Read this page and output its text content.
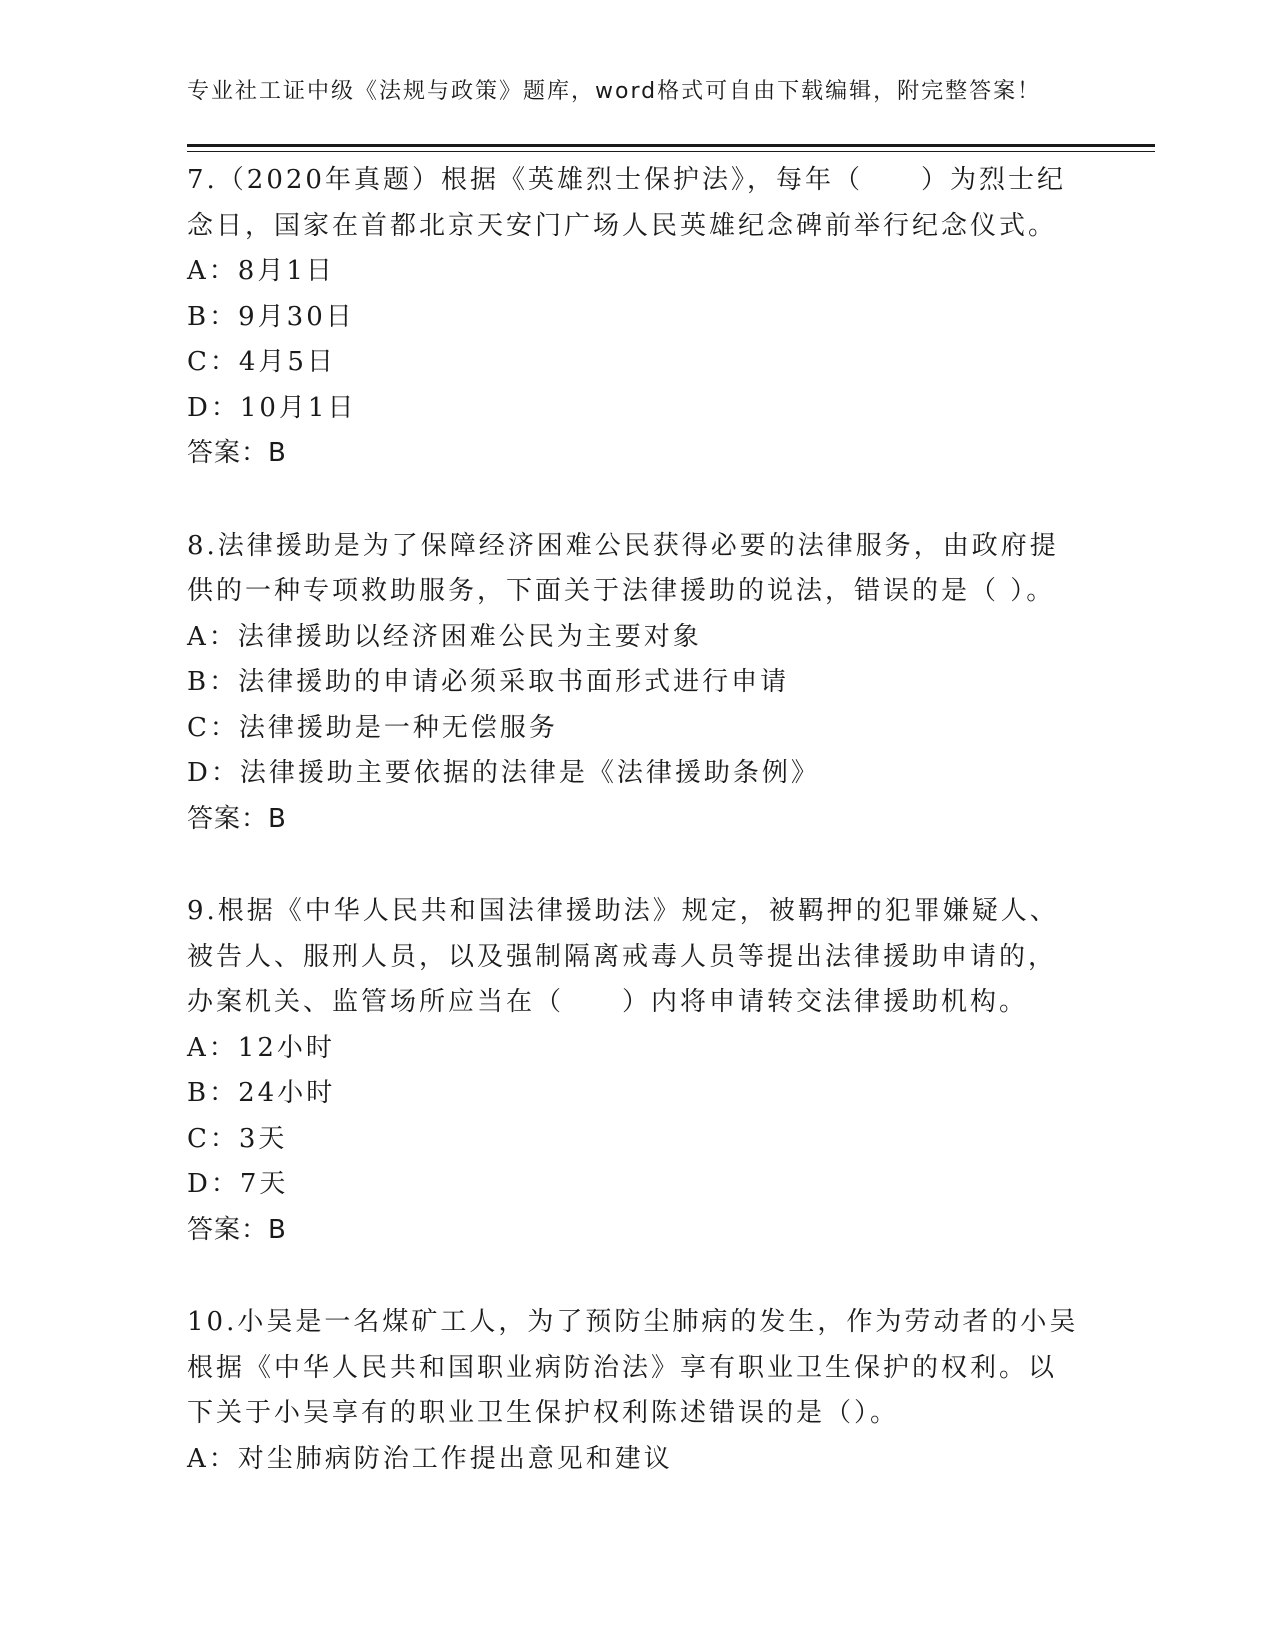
专业社工证中级《法规与政策》题库，word格式可自由下载编辑，附完整答案！
7.（2020年真题）根据《英雄烈士保护法》，每年（　　）为烈士纪
念日，国家在首都北京天安门广场人民英雄纪念碑前举行纪念仪式。
A：8月1日
B：9月30日
C：4月5日
D：10月1日
答案：B
8.法律援助是为了保障经济困难公民获得必要的法律服务，由政府提
供的一种专项救助服务，下面关于法律援助的说法，错误的是（ ）。
A：法律援助以经济困难公民为主要对象
B：法律援助的申请必须采取书面形式进行申请
C：法律援助是一种无偿服务
D：法律援助主要依据的法律是《法律援助条例》
答案：B
9.根据《中华人民共和国法律援助法》规定，被羁押的犯罪嫌疑人、
被告人、服刑人员，以及强制隔离戒毒人员等提出法律援助申请的，
办案机关、监管场所应当在（　　）内将申请转交法律援助机构。
A：12小时
B：24小时
C：3天
D：7天
答案：B
10.小吴是一名煤矿工人，为了预防尘肺病的发生，作为劳动者的小吴
根据《中华人民共和国职业病防治法》享有职业卫生保护的权利。以
下关于小吴享有的职业卫生保护权利陈述错误的是（）。
A：对尘肺病防治工作提出意见和建议
